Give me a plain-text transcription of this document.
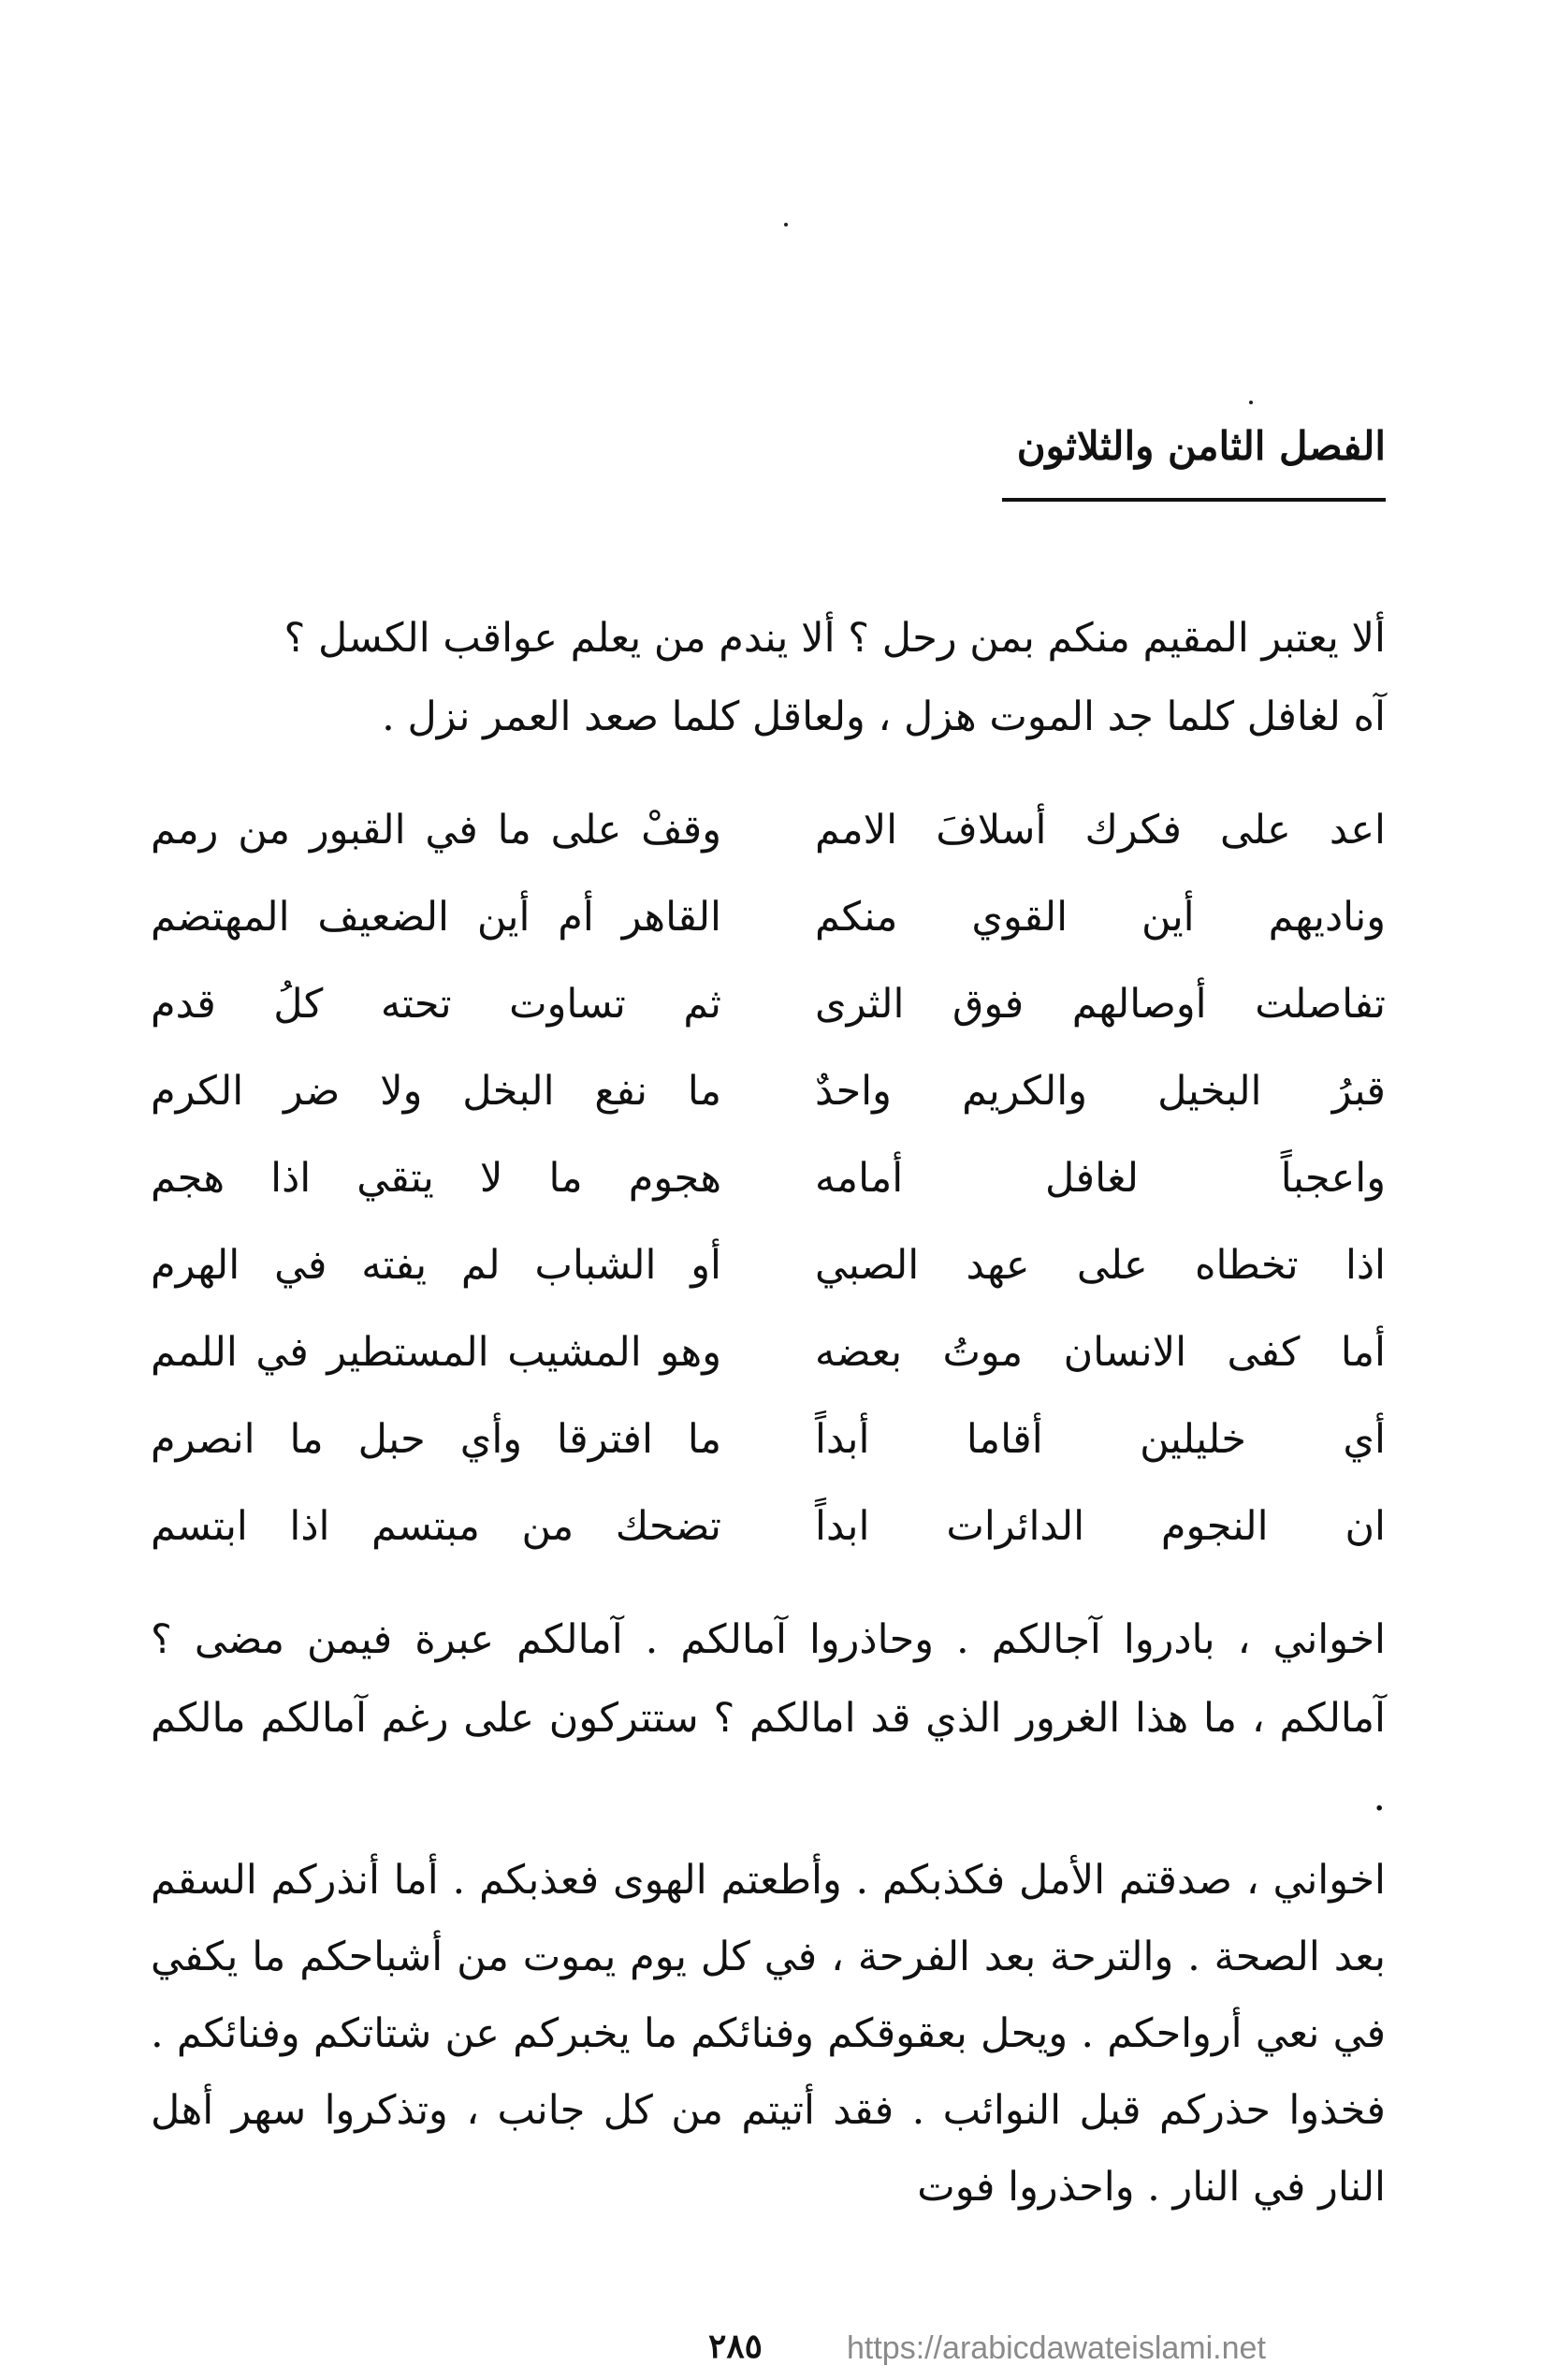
الفصل الثامن والثلاثون
ألا يعتبر المقيم منكم بمن رحل ؟ ألا يندم من يعلم عواقب الكسل ؟
آه لغافل كلما جد الموت هزل ، ولعاقل كلما صعد العمر نزل .
اعد على فكرك أسلافَ الامم
وقفْ على ما في القبور من رمم
وناديهم أين القوي منكم
القاهر أم أين الضعيف المهتضم
تفاصلت أوصالهم فوق الثرى
ثم تساوت تحته كلُ قدم
قبرُ البخيل والكريم واحدٌ
ما نفع البخل ولا ضر الكرم
واعجباً لغافل أمامه
هجوم ما لا يتقي اذا هجم
اذا تخطاه على عهد الصبي
أو الشباب لم يفته في الهرم
أما كفى الانسان موتُ بعضه
وهو المشيب المستطير في اللمم
أي خليلين أقاما أبداً
ما افترقا وأي حبل ما انصرم
ان النجوم الدائرات ابداً
تضحك من مبتسم اذا ابتسم
اخواني ، بادروا آجالكم . وحاذروا آمالكم . آمالكم عبرة فيمن مضى ؟ آمالكم ، ما هذا الغرور الذي قد امالكم ؟ ستتركون على رغم آمالكم مالكم .
اخواني ، صدقتم الأمل فكذبكم . وأطعتم الهوى فعذبكم . أما أنذركم السقم بعد الصحة . والترحة بعد الفرحة ، في كل يوم يموت من أشباحكم ما يكفي في نعي أرواحكم . ويحل بعقوقكم وفنائكم ما يخبركم عن شتاتكم وفنائكم . فخذوا حذركم قبل النوائب . فقد أتيتم من كل جانب ، وتذكروا سهر أهل النار في النار . واحذروا فوت
٢٨٥	https://arabicdawateislami.net
